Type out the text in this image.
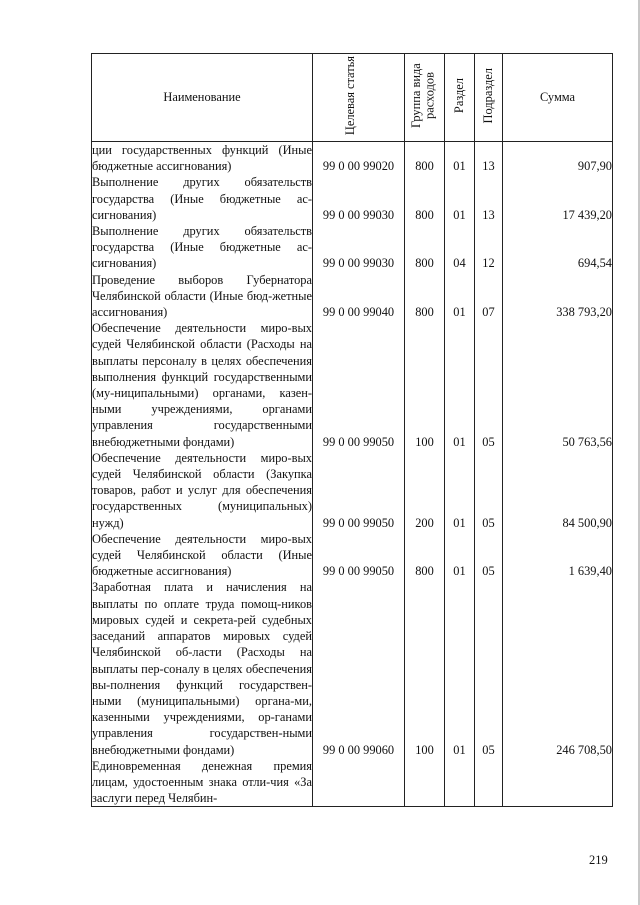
Наименование	Целевая статья	Группа вида расходов	Раздел	Подраздел	Сумма
ции государственных функций (Иные бюджетные ассигнования)	99 0 00 99020	800	01	13	907,90
Выполнение других обязательств государства (Иные бюджетные ас-сигнования)	99 0 00 99030	800	01	13	17 439,20
Выполнение других обязательств государства (Иные бюджетные ас-сигнования)	99 0 00 99030	800	04	12	694,54
Проведение выборов Губернатора Челябинской области (Иные бюд-жетные ассигнования)	99 0 00 99040	800	01	07	338 793,20
Обеспечение деятельности миро-вых судей Челябинской области (Расходы на выплаты персоналу в целях обеспечения выполнения функций государственными (му-ниципальными) органами, казен-ными учреждениями, органами управления государственными внебюджетными фондами)	99 0 00 99050	100	01	05	50 763,56
Обеспечение деятельности миро-вых судей Челябинской области (Закупка товаров, работ и услуг для обеспечения государственных (муниципальных) нужд)	99 0 00 99050	200	01	05	84 500,90
Обеспечение деятельности миро-вых судей Челябинской области (Иные бюджетные ассигнования)	99 0 00 99050	800	01	05	1 639,40
Заработная плата и начисления на выплаты по оплате труда помощ-ников мировых судей и секрета-рей судебных заседаний аппаратов мировых судей Челябинской об-ласти (Расходы на выплаты пер-соналу в целях обеспечения вы-полнения функций государствен-ными (муниципальными) органа-ми, казенными учреждениями, ор-ганами управления государствен-ными внебюджетными фондами)	99 0 00 99060	100	01	05	246 708,50
Единовременная денежная премия лицам, удостоенным знака отли-чия «За заслуги перед Челябин-					
219
